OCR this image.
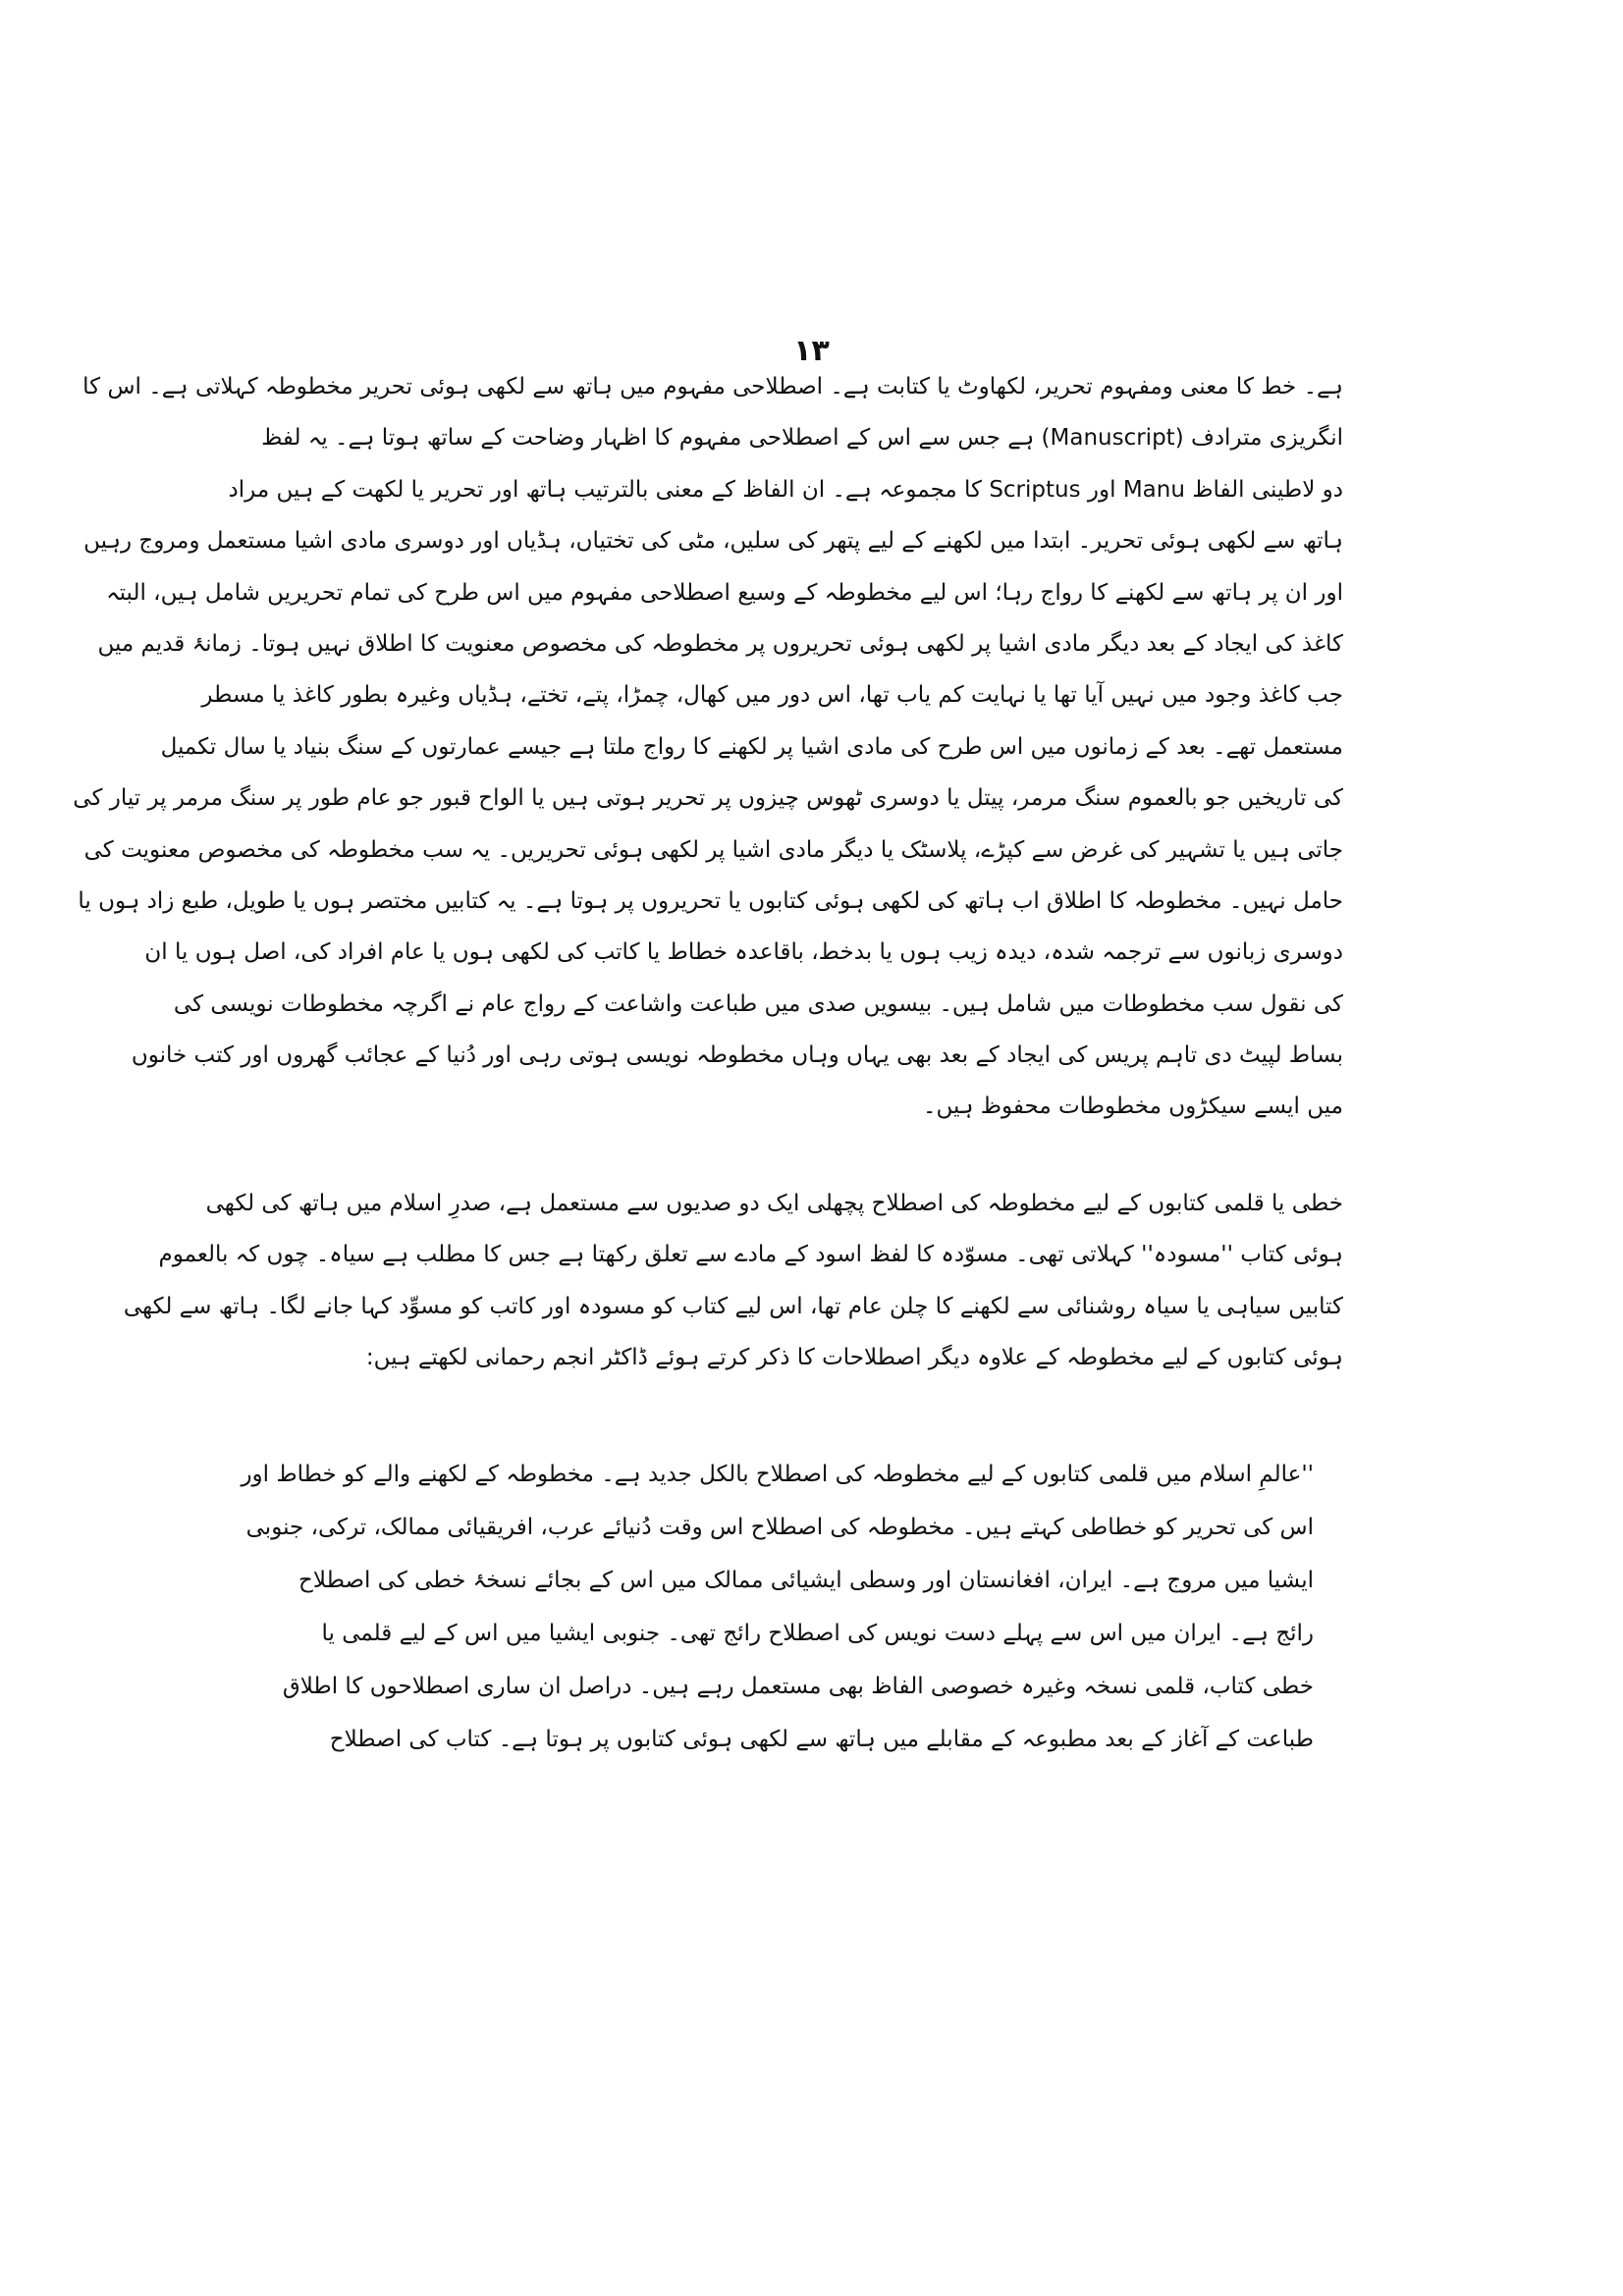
۱۳
ہے۔ خط کا معنی ومفہوم تحریر، لکھاوٹ یا کتابت ہے۔ اصطلاحی مفہوم میں ہاتھ سے لکھی ہوئی تحریر مخطوطہ کہلاتی ہے۔ اس کا
انگریزی مترادف (Manuscript) ہے جس سے اس کے اصطلاحی مفہوم کا اظہار وضاحت کے ساتھ ہوتا ہے۔ یہ لفظ
دو لاطینی الفاظ Manu اور Scriptus کا مجموعہ ہے۔ ان الفاظ کے معنی بالترتیب ہاتھ اور تحریر یا لکھت کے ہیں مراد
ہاتھ سے لکھی ہوئی تحریر۔ ابتدا میں لکھنے کے لیے پتھر کی سلیں، مٹی کی تختیاں، ہڈیاں اور دوسری مادی اشیا مستعمل ومروج رہیں
اور ان پر ہاتھ سے لکھنے کا رواج رہا؛ اس لیے مخطوطہ کے وسیع اصطلاحی مفہوم میں اس طرح کی تمام تحریریں شامل ہیں، البتہ
کاغذ کی ایجاد کے بعد دیگر مادی اشیا پر لکھی ہوئی تحریروں پر مخطوطہ کی مخصوص معنویت کا اطلاق نہیں ہوتا۔ زمانۂ قدیم میں
جب کاغذ وجود میں نہیں آیا تھا یا نہایت کم یاب تھا، اس دور میں کھال، چمڑا، پتے، تختے، ہڈیاں وغیرہ بطور کاغذ یا مسطر
مستعمل تھے۔ بعد کے زمانوں میں اس طرح کی مادی اشیا پر لکھنے کا رواج ملتا ہے جیسے عمارتوں کے سنگ بنیاد یا سال تکمیل
کی تاریخیں جو بالعموم سنگ مرمر، پیتل یا دوسری ٹھوس چیزوں پر تحریر ہوتی ہیں یا الواح قبور جو عام طور پر سنگ مرمر پر تیار کی
جاتی ہیں یا تشہیر کی غرض سے کپڑے، پلاسٹک یا دیگر مادی اشیا پر لکھی ہوئی تحریریں۔ یہ سب مخطوطہ کی مخصوص معنویت کی
حامل نہیں۔ مخطوطہ کا اطلاق اب ہاتھ کی لکھی ہوئی کتابوں یا تحریروں پر ہوتا ہے۔ یہ کتابیں مختصر ہوں یا طویل، طبع زاد ہوں یا
دوسری زبانوں سے ترجمہ شدہ، دیدہ زیب ہوں یا بدخط، باقاعدہ خطاط یا کاتب کی لکھی ہوں یا عام افراد کی، اصل ہوں یا ان
کی نقول سب مخطوطات میں شامل ہیں۔ بیسویں صدی میں طباعت واشاعت کے رواج عام نے اگرچہ مخطوطات نویسی کی
بساط لپیٹ دی تاہم پریس کی ایجاد کے بعد بھی یہاں وہاں مخطوطہ نویسی ہوتی رہی اور دُنیا کے عجائب گھروں اور کتب خانوں
میں ایسے سیکڑوں مخطوطات محفوظ ہیں۔
خطی یا قلمی کتابوں کے لیے مخطوطہ کی اصطلاح پچھلی ایک دو صدیوں سے مستعمل ہے، صدرِ اسلام میں ہاتھ کی لکھی
ہوئی کتاب ''مسودہ'' کہلاتی تھی۔ مسوّدہ کا لفظ اسود کے مادے سے تعلق رکھتا ہے جس کا مطلب ہے سیاہ۔ چوں کہ بالعموم
کتابیں سیاہی یا سیاہ روشنائی سے لکھنے کا چلن عام تھا، اس لیے کتاب کو مسودہ اور کاتب کو مسوِّد کہا جانے لگا۔ ہاتھ سے لکھی
ہوئی کتابوں کے لیے مخطوطہ کے علاوہ دیگر اصطلاحات کا ذکر کرتے ہوئے ڈاکٹر انجم رحمانی لکھتے ہیں:
''عالمِ اسلام میں قلمی کتابوں کے لیے مخطوطہ کی اصطلاح بالکل جدید ہے۔ مخطوطہ کے لکھنے والے کو خطاط اور
اس کی تحریر کو خطاطی کہتے ہیں۔ مخطوطہ کی اصطلاح اس وقت دُنیائے عرب، افریقیائی ممالک، ترکی، جنوبی
ایشیا میں مروج ہے۔ ایران، افغانستان اور وسطی ایشیائی ممالک میں اس کے بجائے نسخۂ خطی کی اصطلاح
رائج ہے۔ ایران میں اس سے پہلے دست نویس کی اصطلاح رائج تھی۔ جنوبی ایشیا میں اس کے لیے قلمی یا
خطی کتاب، قلمی نسخہ وغیرہ خصوصی الفاظ بھی مستعمل رہے ہیں۔ دراصل ان ساری اصطلاحوں کا اطلاق
طباعت کے آغاز کے بعد مطبوعہ کے مقابلے میں ہاتھ سے لکھی ہوئی کتابوں پر ہوتا ہے۔ کتاب کی اصطلاح
